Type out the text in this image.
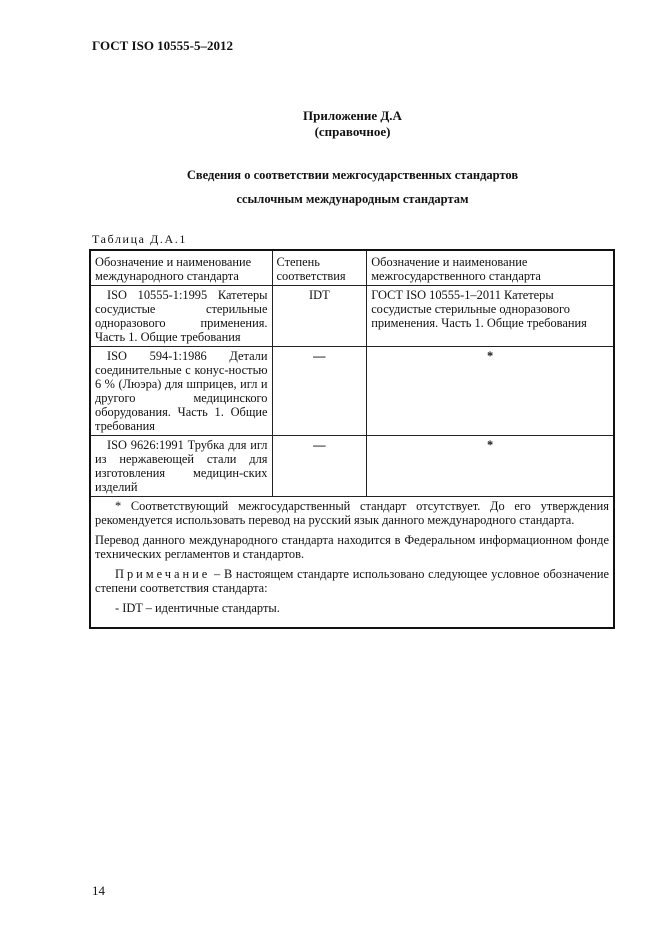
ГОСТ ISO 10555-5–2012
Приложение Д.А
(справочное)
Сведения о соответствии межгосударственных стандартов
ссылочным международным стандартам
Таблица Д.А.1
Обозначение и наименование международного стандарта	Степень соответствия	Обозначение и наименование межгосударственного стандарта
ISO 10555-1:1995 Катетеры сосудистые стерильные одноразового применения. Часть 1. Общие требования	IDT	ГОСТ ISO 10555-1–2011 Катетеры сосудистые стерильные одноразового применения. Часть 1. Общие требования
ISO 594-1:1986 Детали соединительные с конус-ностью 6 % (Люэра) для шприцев, игл и другого медицинского оборудования. Часть 1. Общие требования	—	*
ISO 9626:1991 Трубка для игл из нержавеющей стали для изготовления медицин-ских изделий	—	*

* Соответствующий межгосударственный стандарт отсутствует. До его утверждения рекомендуется использовать перевод на русский язык данного международного стандарта.

Перевод данного международного стандарта находится в Федеральном информационном фонде технических регламентов и стандартов.

Примечание – В настоящем стандарте использовано следующее условное обозначение степени соответствия стандарта:

- IDT – идентичные стандарты.		

14
